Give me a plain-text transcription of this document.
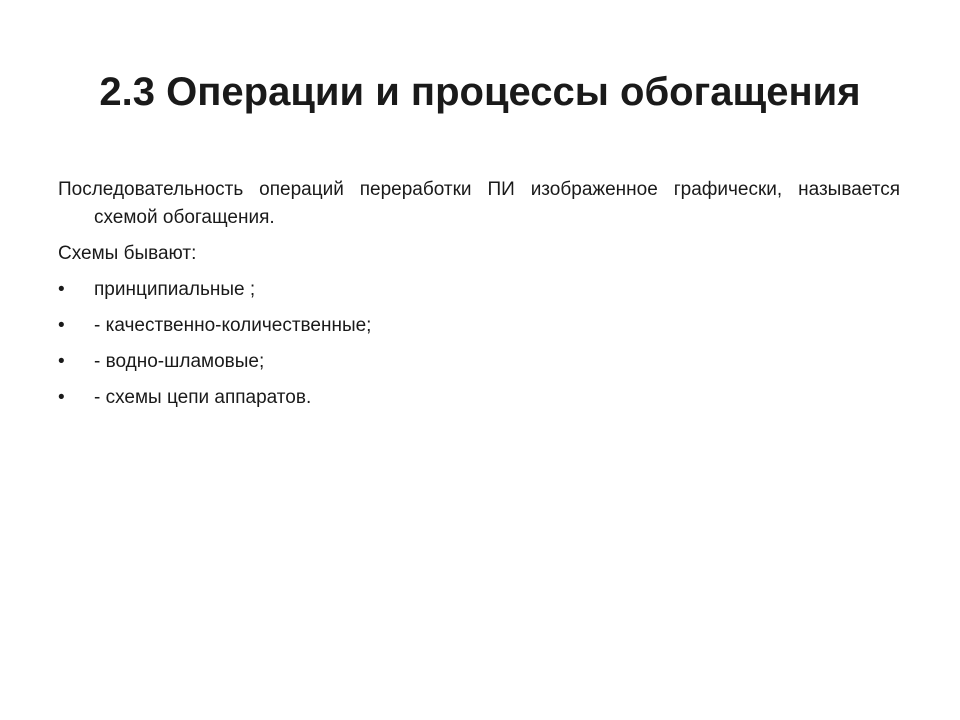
2.3 Операции и процессы обогащения

Последовательность операций переработки ПИ изображенное графически, называется схемой обогащения.

Схемы бывают:

•	принципиальные ;
•	- качественно-количественные;
•	- водно-шламовые;
•	- схемы цепи аппаратов.
